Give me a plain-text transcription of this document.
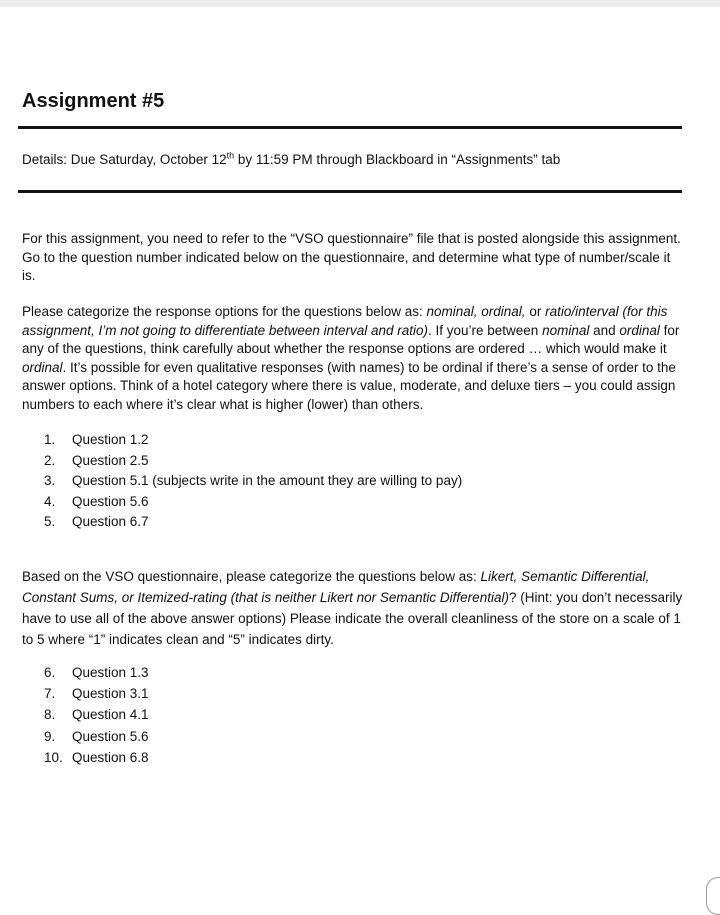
Assignment #5
Details: Due Saturday, October 12th by 11:59 PM through Blackboard in “Assignments” tab

For this assignment, you need to refer to the “VSO questionnaire” file that is posted alongside this assignment. Go to the question number indicated below on the questionnaire, and determine what type of number/scale it is.

Please categorize the response options for the questions below as: nominal, ordinal, or ratio/interval (for this assignment, I’m not going to differentiate between interval and ratio). If you’re between nominal and ordinal for any of the questions, think carefully about whether the response options are ordered … which would make it ordinal. It’s possible for even qualitative responses (with names) to be ordinal if there’s a sense of order to the answer options. Think of a hotel category where there is value, moderate, and deluxe tiers – you could assign numbers to each where it’s clear what is higher (lower) than others.

1.	Question 1.2
2.	Question 2.5
3.	Question 5.1 (subjects write in the amount they are willing to pay)
4.	Question 5.6
5.	Question 6.7

Based on the VSO questionnaire, please categorize the questions below as: Likert, Semantic Differential, Constant Sums, or Itemized-rating (that is neither Likert nor Semantic Differential)? (Hint: you don’t necessarily have to use all of the above answer options) Please indicate the overall cleanliness of the store on a scale of 1 to 5 where “1” indicates clean and “5” indicates dirty.

6.	Question 1.3
7.	Question 3.1
8.	Question 4.1
9.	Question 5.6
10. Question 6.8
